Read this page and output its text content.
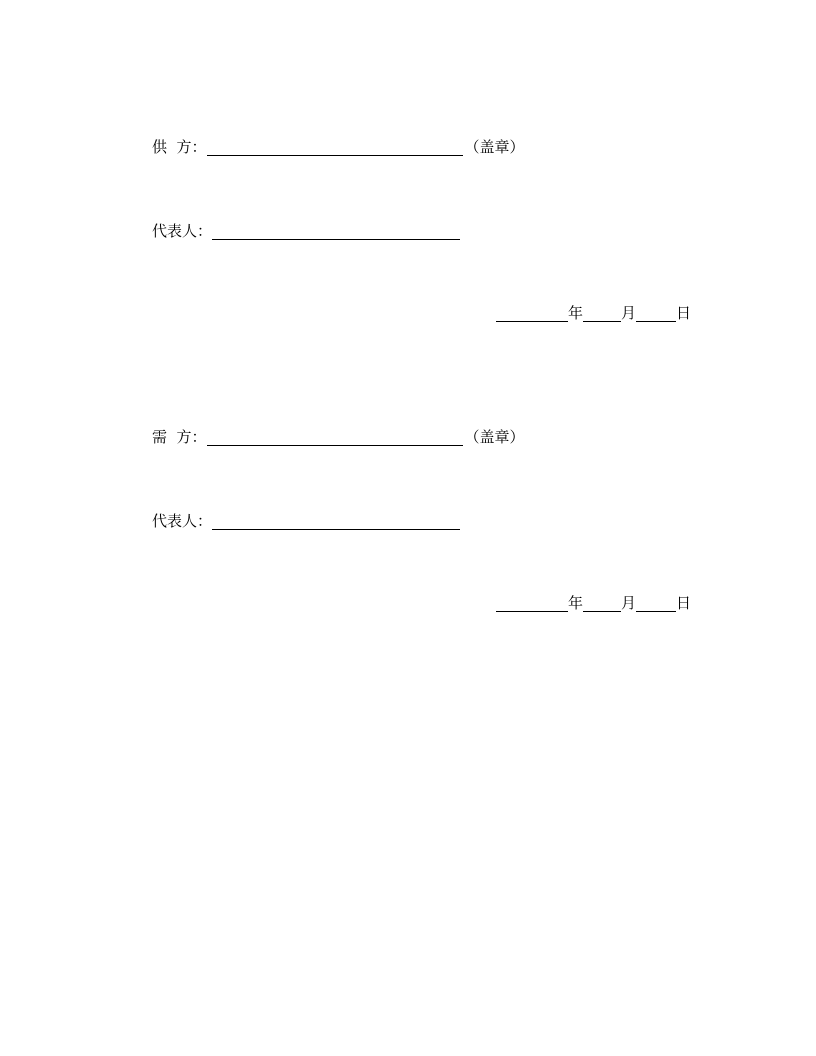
供  方：	（盖章）
代表人：
年	月	日
需  方：	（盖章）
代表人：
年	月	日
